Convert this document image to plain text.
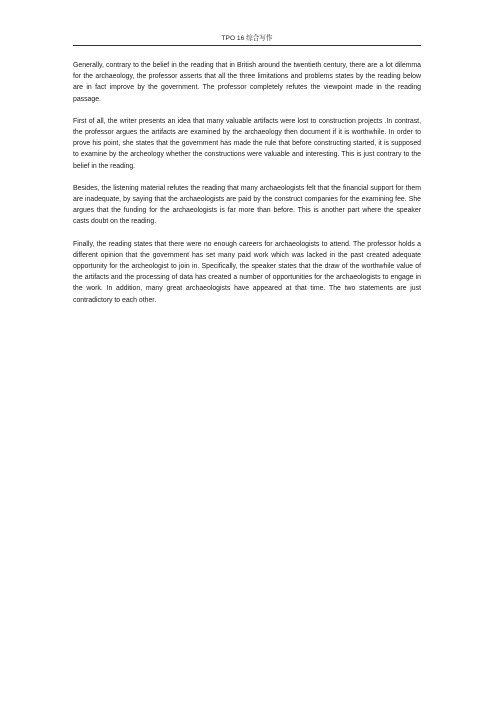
TPO 16 综合写作

Generally, contrary to the belief in the reading that in British around the twentieth century, there are a lot dilemma for the archaeology, the professor asserts that all the three limitations and problems states by the reading below are in fact improve by the government. The professor completely refutes the viewpoint made in the reading passage.

First of all, the writer presents an idea that many valuable artifacts were lost to construction projects .In contrast, the professor argues the artifacts are examined by the archaeology then document if it is worthwhile. In order to prove his point, she states that the government has made the rule that before constructing started, it is supposed to examine by the archeology whether the constructions were valuable and interesting. This is just contrary to the belief in the reading.

Besides, the listening material refutes the reading that many archaeologists felt that the financial support for them are inadequate, by saying that the archaeologists are paid by the construct companies for the examining fee. She argues that the funding for the archaeologists is far more than before. This is another part where the speaker casts doubt on the reading.

Finally, the reading states that there were no enough careers for archaeologists to attend. The professor holds a different opinion that the government has set many paid work which was lacked in the past created adequate opportunity for the archeologist to join in. Specifically, the speaker states that the draw of the worthwhile value of the artifacts and the processing of data has created a number of opportunities for the archaeologists to engage in the work. In addition, many great archaeologists have appeared at that time. The two statements are just contradictory to each other.
